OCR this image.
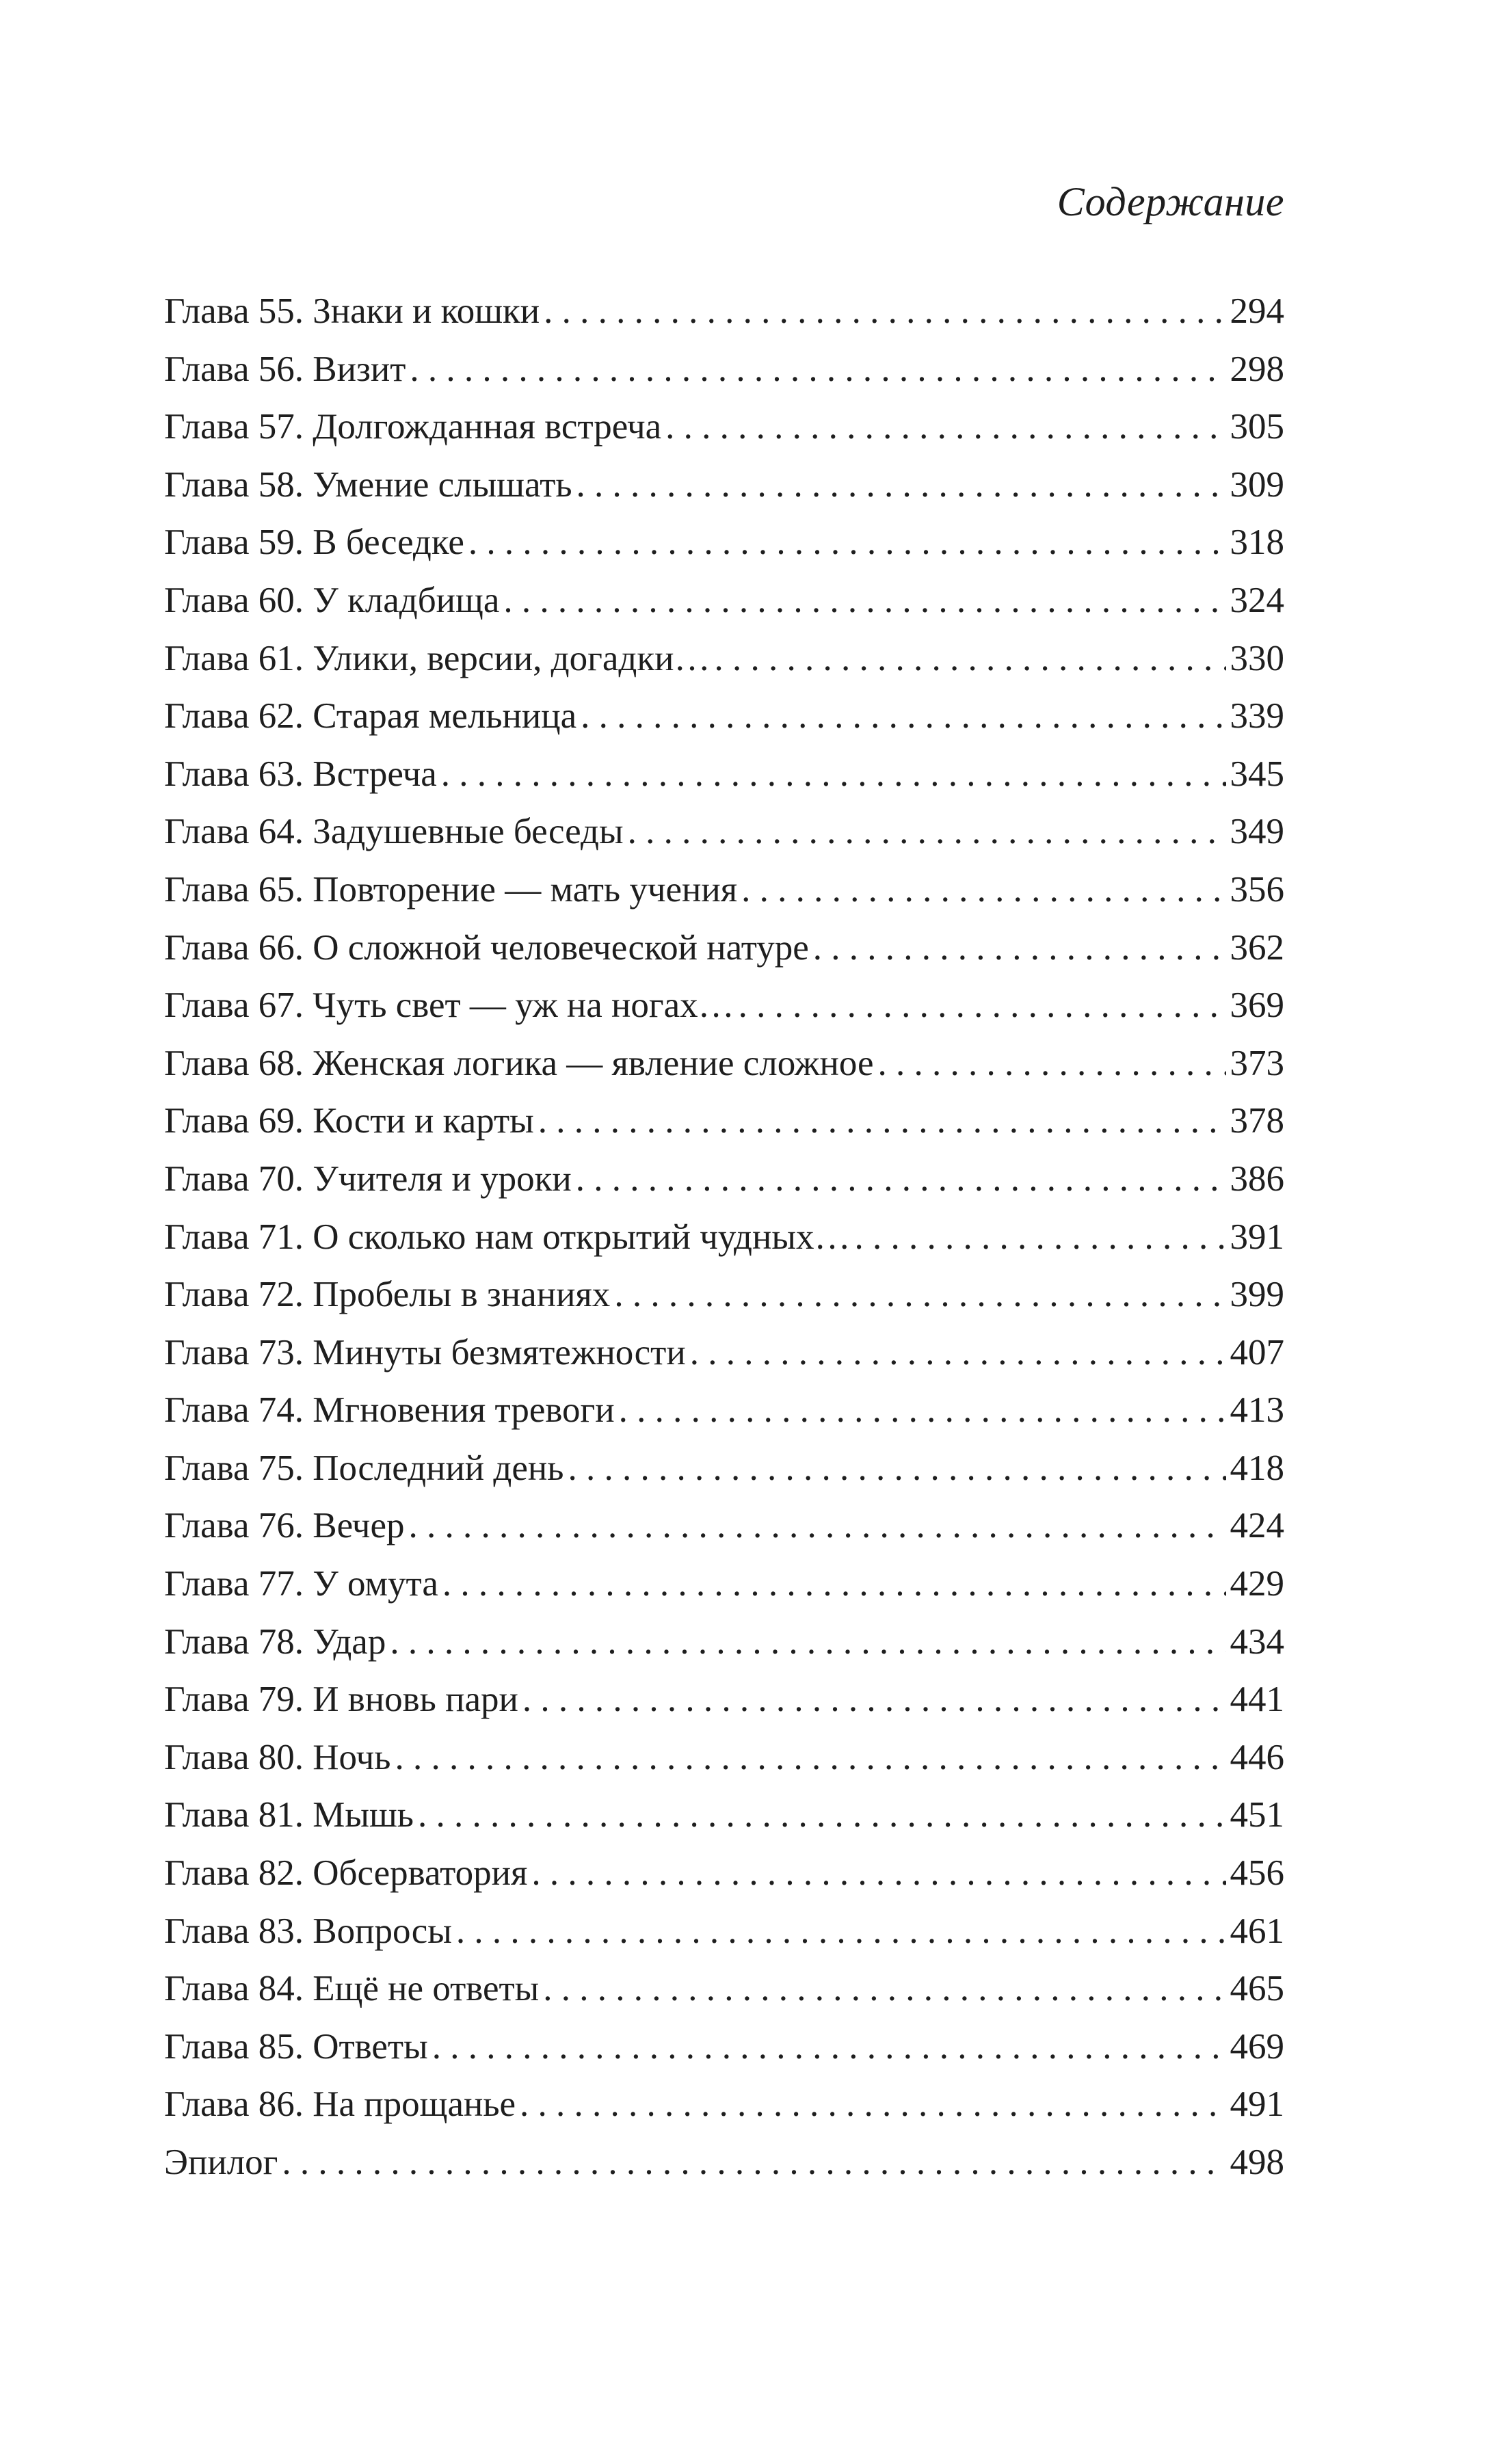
Содержание
Глава 55. Знаки и кошки . . .	294
Глава 56. Визит . . .	298
Глава 57. Долгожданная встреча . . .	305
Глава 58. Умение слышать . . .	309
Глава 59. В беседке . . .	318
Глава 60. У кладбища . . .	324
Глава 61. Улики, версии, догадки… . . .	330
Глава 62. Старая мельница . . .	339
Глава 63. Встреча . . .	345
Глава 64. Задушевные беседы . . .	349
Глава 65. Повторение — мать учения . . .	356
Глава 66. О сложной человеческой натуре . . .	362
Глава 67. Чуть свет — уж на ногах… . . .	369
Глава 68. Женская логика — явление сложное . . .	373
Глава 69. Кости и карты . . .	378
Глава 70. Учителя и уроки . . .	386
Глава 71. О сколько нам открытий чудных… . . .	391
Глава 72. Пробелы в знаниях . . .	399
Глава 73. Минуты безмятежности . . .	407
Глава 74. Мгновения тревоги . . .	413
Глава 75. Последний день . . .	418
Глава 76. Вечер . . .	424
Глава 77. У омута . . .	429
Глава 78. Удар . . .	434
Глава 79. И вновь пари . . .	441
Глава 80. Ночь . . .	446
Глава 81. Мышь . . .	451
Глава 82. Обсерватория . . .	456
Глава 83. Вопросы . . .	461
Глава 84. Ещё не ответы . . .	465
Глава 85. Ответы . . .	469
Глава 86. На прощанье . . .	491
Эпилог . . .	498
